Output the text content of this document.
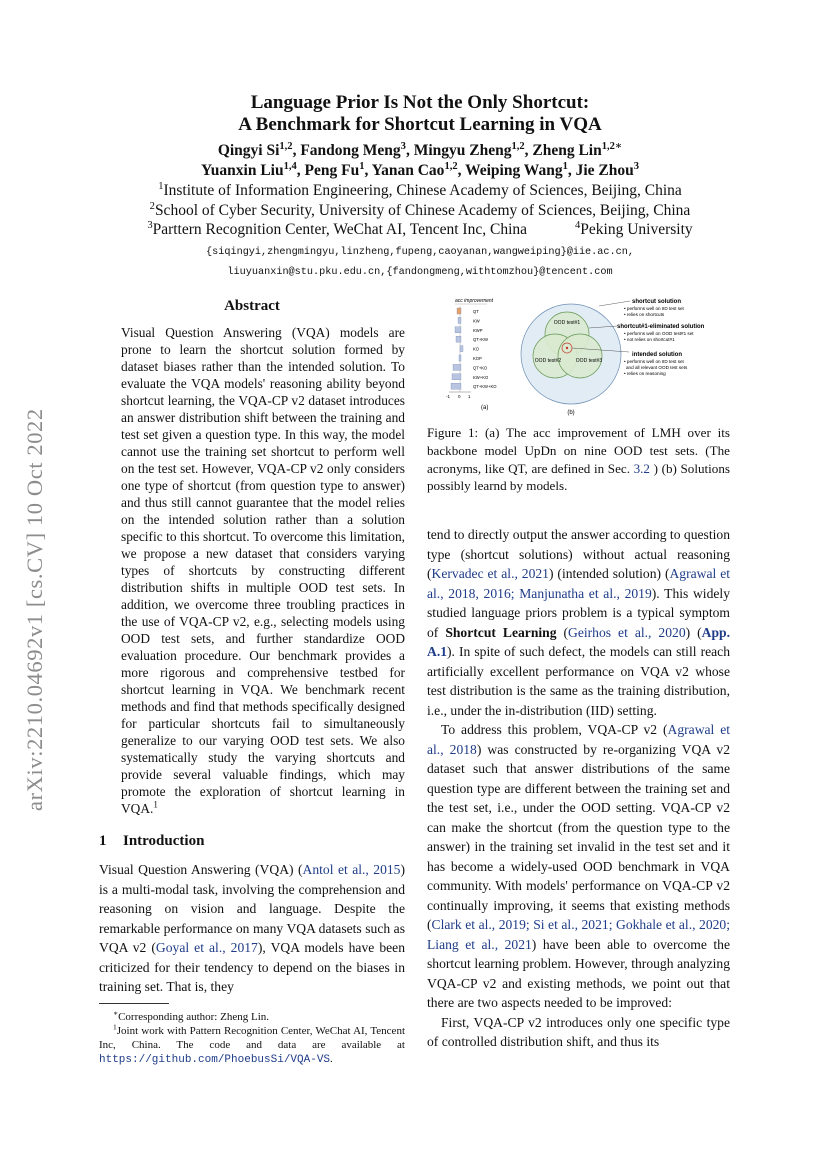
arXiv:2210.04692v1 [cs.CV] 10 Oct 2022
Language Prior Is Not the Only Shortcut:
A Benchmark for Shortcut Learning in VQA
Qingyi Si$^{1,2}$, Fandong Meng$^3$, Mingyu Zheng$^{1,2}$, Zheng Lin$^{1,2∗}$
Yuanxin Liu$^{1,4}$, Peng Fu$^1$, Yanan Cao$^{1,2}$, Weiping Wang$^1$, Jie Zhou$^3$
$^1$Institute of Information Engineering, Chinese Academy of Sciences, Beijing, China
$^2$School of Cyber Security, University of Chinese Academy of Sciences, Beijing, China
$^3$Parttern Recognition Center, WeChat AI, Tencent Inc, China	$^4$Peking University
{siqingyi,zhengmingyu,linzheng,fupeng,caoyanan,wangweiping}@iie.ac.cn,
liuyuanxin@stu.pku.edu.cn,{fandongmeng,withtomzhou}@tencent.com
Abstract

Visual Question Answering (VQA) models are prone to learn the shortcut solution formed by dataset biases rather than the intended solution. To evaluate the VQA models' reasoning ability beyond shortcut learning, the VQA-CP v2 dataset introduces an answer distribution shift between the training and test set given a question type. In this way, the model cannot use the training set shortcut to perform well on the test set. However, VQA-CP v2 only considers one type of shortcut (from question type to answer) and thus still cannot guarantee that the model relies on the intended solution rather than a solution specific to this shortcut. To overcome this limitation, we propose a new dataset that considers varying types of shortcuts by constructing different distribution shifts in multiple OOD test sets. In addition, we overcome three troubling practices in the use of VQA-CP v2, e.g., selecting models using OOD test sets, and further standardize OOD evaluation procedure. Our benchmark provides a more rigorous and comprehensive testbed for shortcut learning in VQA. We benchmark recent methods and find that methods specifically designed for particular shortcuts fail to simultaneously generalize to our varying OOD test sets. We also systematically study the varying shortcuts and provide several valuable findings, which may promote the exploration of shortcut learning in VQA.$^1$

1 Introduction

Visual Question Answering (VQA) (Antol et al., 2015) is a multi-modal task, involving the comprehension and reasoning on vision and language. Despite the remarkable performance on many VQA datasets such as VQA v2 (Goyal et al., 2017), VQA models have been criticized for their tendency to depend on the biases in training set. That is, they

∗Corresponding author: Zheng Lin.

$^1$Joint work with Pattern Recognition Center, WeChat AI, Tencent Inc, China. The code and data are available at https://github.com/PhoebusSi/VQA-VS.

acc improvement
QT
KW
KWP
QT+KW
KO
KOP
QT+KO
KW+KO
QT+KW+KO
-1 0 1
(a)
OOD test#1
OOD test#2	OOD test#3
(b)
shortcut solution
• performs well on IID test set
• relies on shortcuts
shortcut#1-eliminated solution
• performs well on OOD test#1 set
• not relies on shortcut#1
intended solution
• performs well on IID test set
and all relevant OOD test sets
• relies on reasoning

Figure 1: (a) The acc improvement of LMH over its backbone model UpDn on nine OOD test sets. (The acronyms, like QT, are defined in Sec. 3.2 ) (b) Solutions possibly learnd by models.

tend to directly output the answer according to question type (shortcut solutions) without actual reasoning (Kervadec et al., 2021) (intended solution) (Agrawal et al., 2018, 2016; Manjunatha et al., 2019). This widely studied language priors problem is a typical symptom of Shortcut Learning (Geirhos et al., 2020) (App. A.1). In spite of such defect, the models can still reach artificially excellent performance on VQA v2 whose test distribution is the same as the training distribution, i.e., under the in-distribution (IID) setting.

To address this problem, VQA-CP v2 (Agrawal et al., 2018) was constructed by re-organizing VQA v2 dataset such that answer distributions of the same question type are different between the training set and the test set, i.e., under the OOD setting. VQA-CP v2 can make the shortcut (from the question type to the answer) in the training set invalid in the test set and it has become a widely-used OOD benchmark in VQA community. With models' performance on VQA-CP v2 continually improving, it seems that existing methods (Clark et al., 2019; Si et al., 2021; Gokhale et al., 2020; Liang et al., 2021) have been able to overcome the shortcut learning problem. However, through analyzing VQA-CP v2 and existing methods, we point out that there are two aspects needed to be improved:

First, VQA-CP v2 introduces only one specific type of controlled distribution shift, and thus its
